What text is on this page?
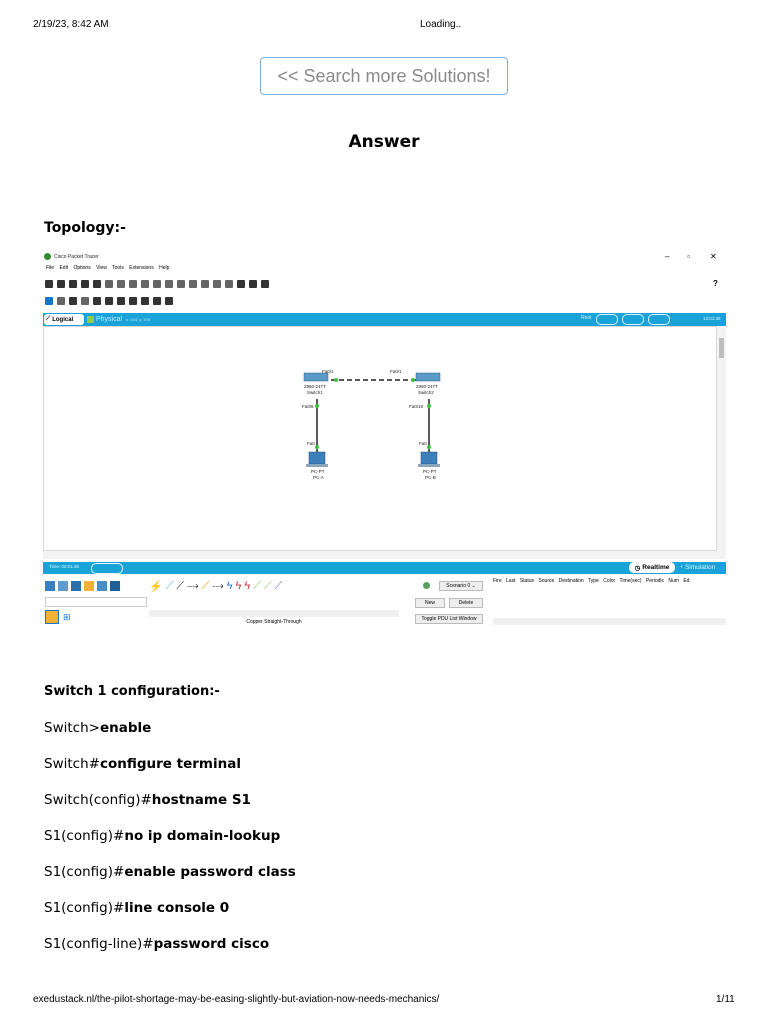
2/19/23, 8:42 AM	Loading..
<< Search more Solutions!
Answer
Topology:-
Cisco Packet Tracer	– ▫	✕
File Edit Options View Tools Extensions Help
?
⟋ Logical	Physical x: 344, y: 378	Root	13:01:36
Fa0/1	Fa0/1
2960-24TT
Switch1
Fa0/6
2960-24TT
Switch2
Fa0/18
Fa0	Fa0
PC-PT
PC-A
PC-PT
PC-B
Time: 02:01:48	◷ Realtime ◔ Simulation
⊞
⚡ ⟋ ⟋ ⤍ ⟋ ⤏ ϟ ϟ ϟ ⟋ ⟋ ⟋
Copper Straight-Through
Scenario 0 ⌄
New	Delete
Toggle PDU List Window
Fire Last Status Source Destination Type Color Time(sec) Periodic Num Ed
Switch 1 configuration:-
Switch>enable
Switch#configure terminal
Switch(config)#hostname S1
S1(config)#no ip domain-lookup
S1(config)#enable password class
S1(config)#line console 0
S1(config-line)#password cisco
exedustack.nl/the-pilot-shortage-may-be-easing-slightly-but-aviation-now-needs-mechanics/	1/11
